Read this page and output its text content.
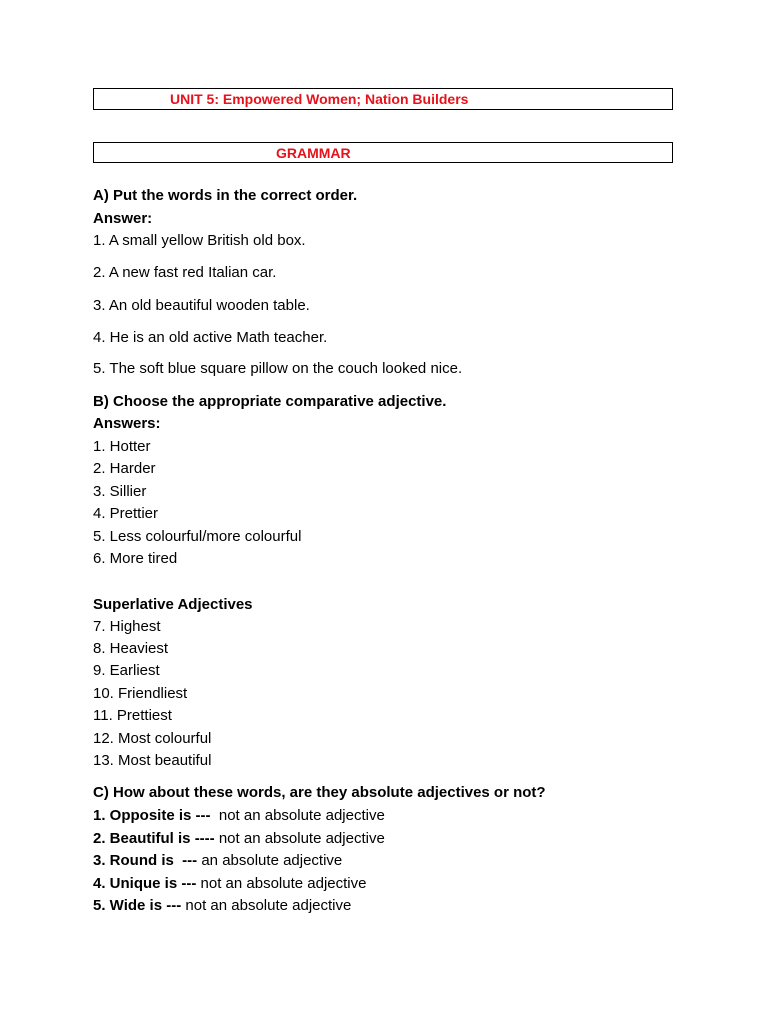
UNIT 5: Empowered Women; Nation Builders
GRAMMAR
A) Put the words in the correct order.
Answer:
1. A small yellow British old box.
2. A new fast red Italian car.
3. An old beautiful wooden table.
4. He is an old active Math teacher.
5. The soft blue square pillow on the couch looked nice.
B) Choose the appropriate comparative adjective.
Answers:
1. Hotter
2. Harder
3. Sillier
4. Prettier
5. Less colourful/more colourful
6. More tired
Superlative Adjectives
7. Highest
8. Heaviest
9. Earliest
10. Friendliest
11. Prettiest
12. Most colourful
13. Most beautiful
C) How about these words, are they absolute adjectives or not?
1. Opposite is ---  not an absolute adjective
2. Beautiful is ---- not an absolute adjective
3. Round is  --- an absolute adjective
4. Unique is --- not an absolute adjective
5. Wide is --- not an absolute adjective
